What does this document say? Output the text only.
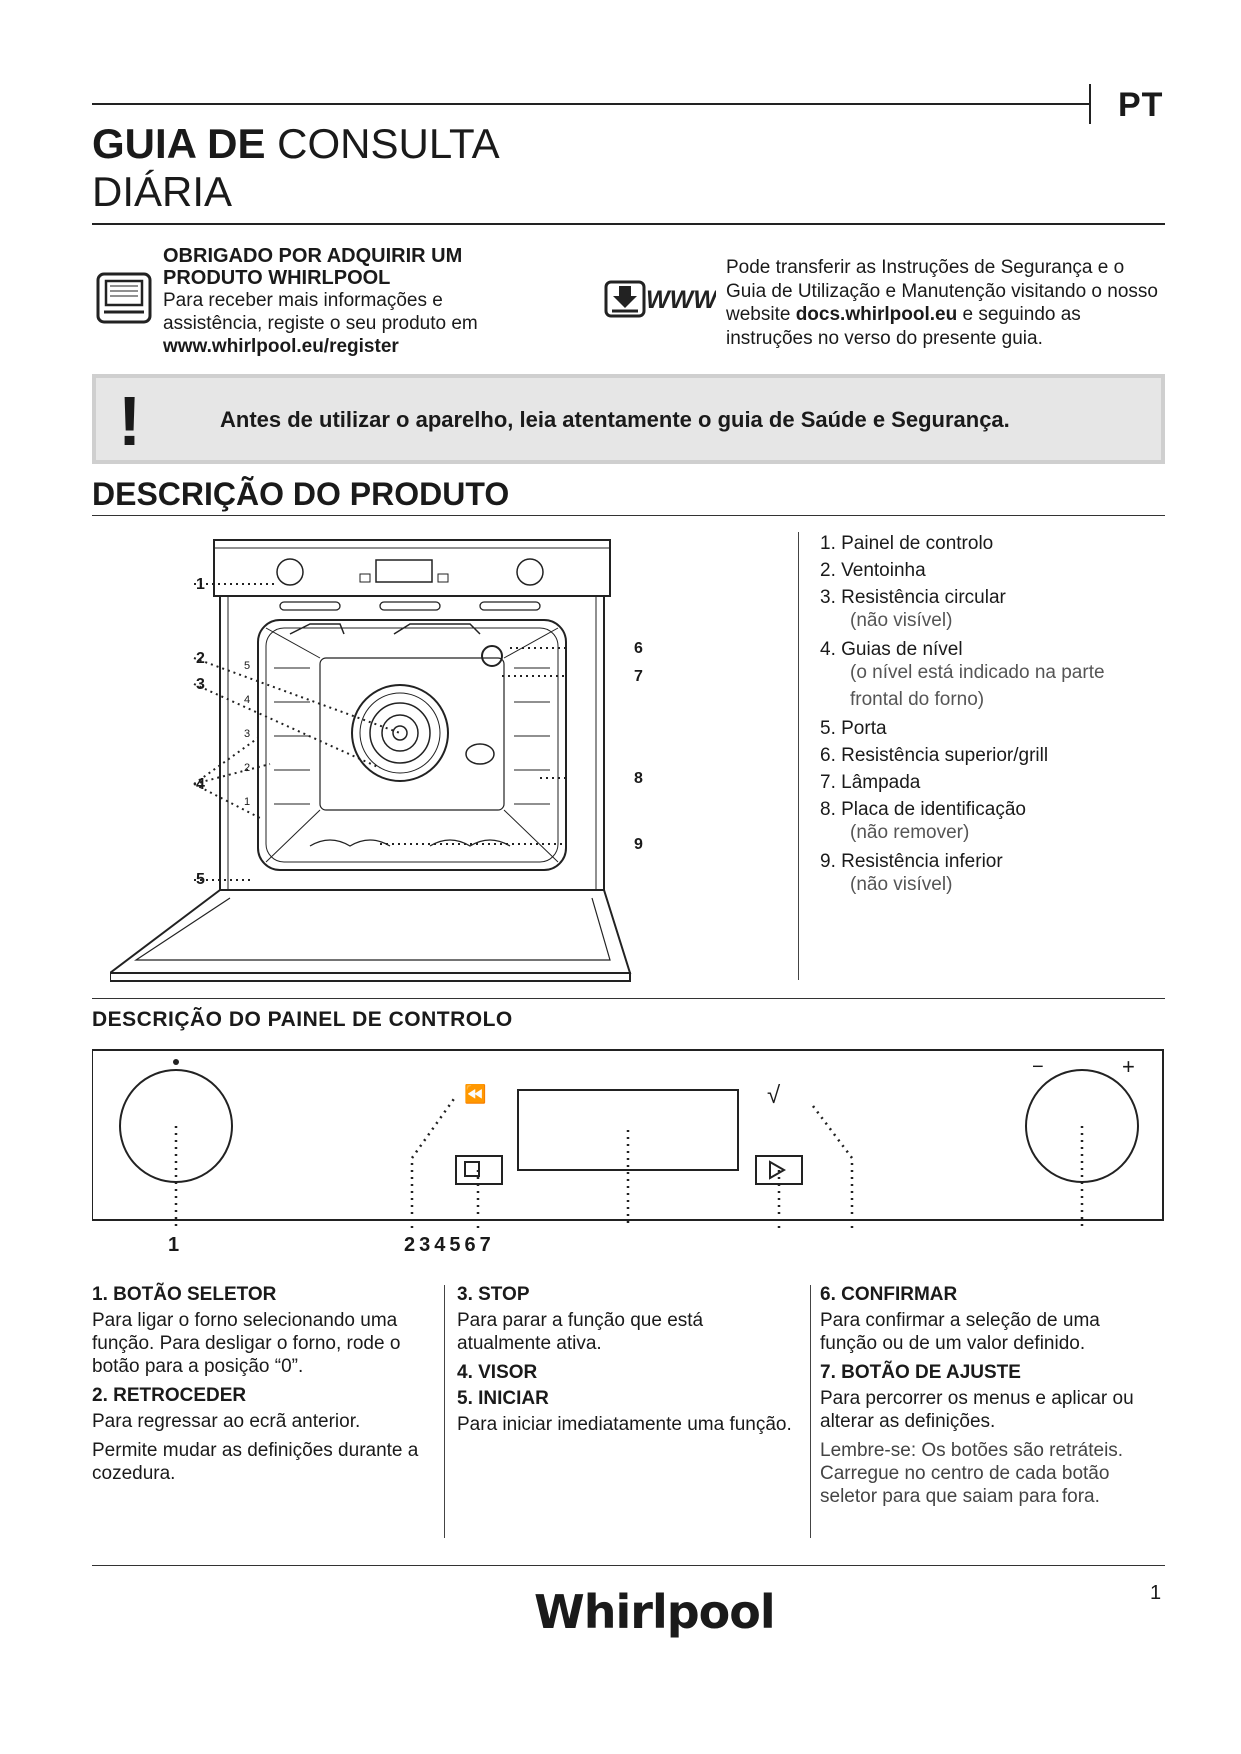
PT
GUIA DE CONSULTA
DIÁRIA
OBRIGADO POR ADQUIRIR UM PRODUTO WHIRLPOOL
Para receber mais informações e assistência, registe o seu produto em
www.whirlpool.eu/register
WWW
Pode transferir as Instruções de Segurança e o Guia de Utilização e Manutenção visitando o nosso website docs.whirlpool.eu e seguindo as instruções no verso do presente guia.
!	Antes de utilizar o aparelho, leia atentamente o guia de Saúde e Segurança.
DESCRIÇÃO DO PRODUTO
1
2
3
4
5
6
7
8
9
5
4
3
2
1
1. Painel de controlo
2. Ventoinha
3. Resistência circular
(não visível)
4. Guias de nível
(o nível está indicado na parte frontal do forno)
5. Porta
6. Resistência superior/grill
7. Lâmpada
8. Placa de identificação
(não remover)
9. Resistência inferior
(não visível)
DESCRIÇÃO DO PAINEL DE CONTROLO
−	+
⏪	√
1	234567
1. BOTÃO SELETOR

Para ligar o forno selecionando uma função. Para desligar o forno, rode o botão para a posição “0”.

2. RETROCEDER

Para regressar ao ecrã anterior.

Permite mudar as definições durante a cozedura.

3. STOP

Para parar a função que está atualmente ativa.

4. VISOR
5. INICIAR

Para iniciar imediatamente uma função.

6. CONFIRMAR

Para confirmar a seleção de uma função ou de um valor definido.

7. BOTÃO DE AJUSTE

Para percorrer os menus e aplicar ou alterar as definições.

Lembre-se: Os botões são retráteis. Carregue no centro de cada botão seletor para que saiam para fora.

1
Whirlpool
